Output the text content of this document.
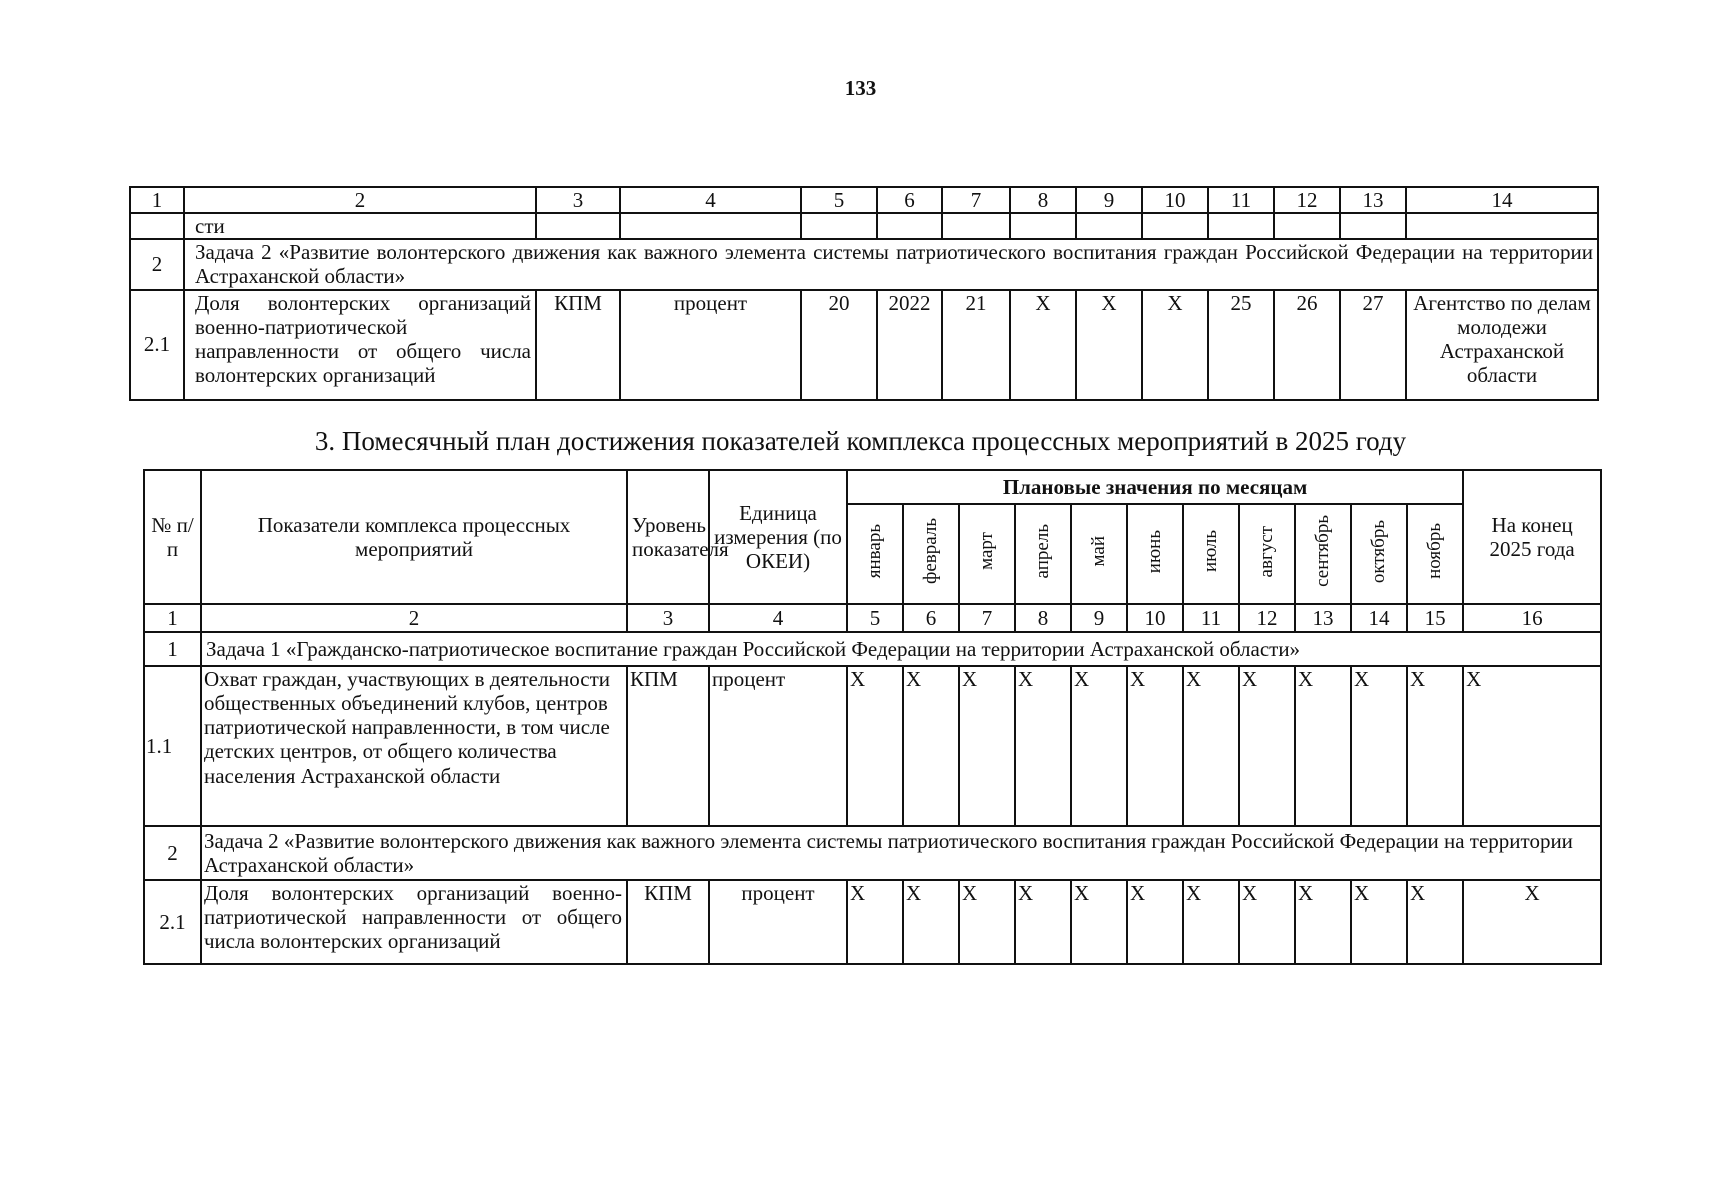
133
1	2	3	4	5	6	7	8	9	10	11	12	13	14
	сти												
2	Задача 2 «Развитие волонтерского движения как важного элемента системы патриотического воспитания граждан Российской Федерации на территории Астраханской области»												
2.1	Доля волонтерских организаций военно-патриотической направленности от общего числа волонтерских организаций	КПМ	процент	20	2022	21	X	X	X	25	26	27	Агентство по делам молодежи Астраханской области
3. Помесячный план достижения показателей комплекса процессных мероприятий в 2025 году
№ п/п	Показатели комплекса процессных мероприятий	Уровень показателя	Единица измерения (по ОКЕИ)	Плановые значения по месяцам											На конец 2025 года
				январь	февраль	март	апрель	май	июнь	июль	август	сентябрь	октябрь	ноябрь	
1	2	3	4	5	6	7	8	9	10	11	12	13	14	15	16
1	Задача 1 «Гражданско-патриотическое воспитание граждан Российской Федерации на территории Астраханской области»														
1.1	Охват граждан, участвующих в деятельности общественных объединений клубов, центров патриотической направленности, в том числе детских центров, от общего количества населения Астраханской области	КПМ	процент	X	X	X	X	X	X	X	X	X	X	X	X
2	Задача 2 «Развитие волонтерского движения как важного элемента системы патриотического воспитания граждан Российской Федерации на территории Астраханской области»														
2.1	Доля волонтерских организаций военно-патриотической направленности от общего числа волонтерских организаций	КПМ	процент	X	X	X	X	X	X	X	X	X	X	X	X
